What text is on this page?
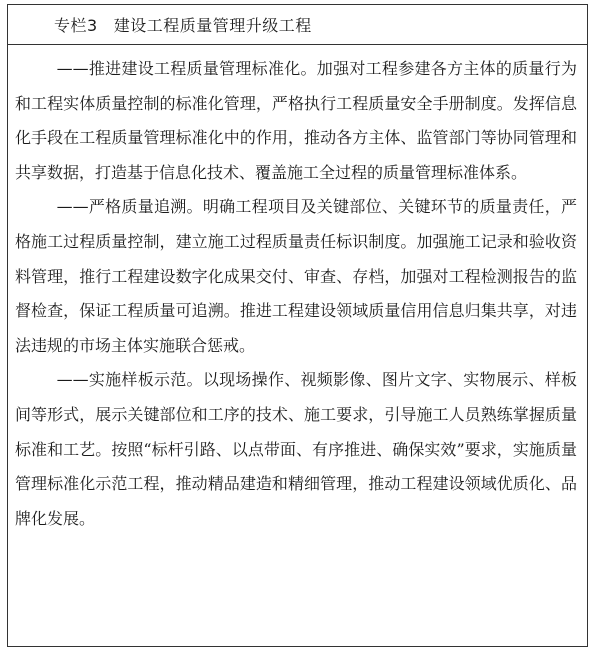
专栏3 建设工程质量管理升级工程

——推进建设工程质量管理标准化。加强对工程参建各方主体的质量行为和工程实体质量控制的标准化管理，严格执行工程质量安全手册制度。发挥信息化手段在工程质量管理标准化中的作用，推动各方主体、监管部门等协同管理和共享数据，打造基于信息化技术、覆盖施工全过程的质量管理标准体系。

——严格质量追溯。明确工程项目及关键部位、关键环节的质量责任，严格施工过程质量控制，建立施工过程质量责任标识制度。加强施工记录和验收资料管理，推行工程建设数字化成果交付、审查、存档，加强对工程检测报告的监督检查，保证工程质量可追溯。推进工程建设领域质量信用信息归集共享，对违法违规的市场主体实施联合惩戒。

——实施样板示范。以现场操作、视频影像、图片文字、实物展示、样板间等形式，展示关键部位和工序的技术、施工要求，引导施工人员熟练掌握质量标准和工艺。按照“标杆引路、以点带面、有序推进、确保实效”要求，实施质量管理标准化示范工程，推动精品建造和精细管理，推动工程建设领域优质化、品牌化发展。
